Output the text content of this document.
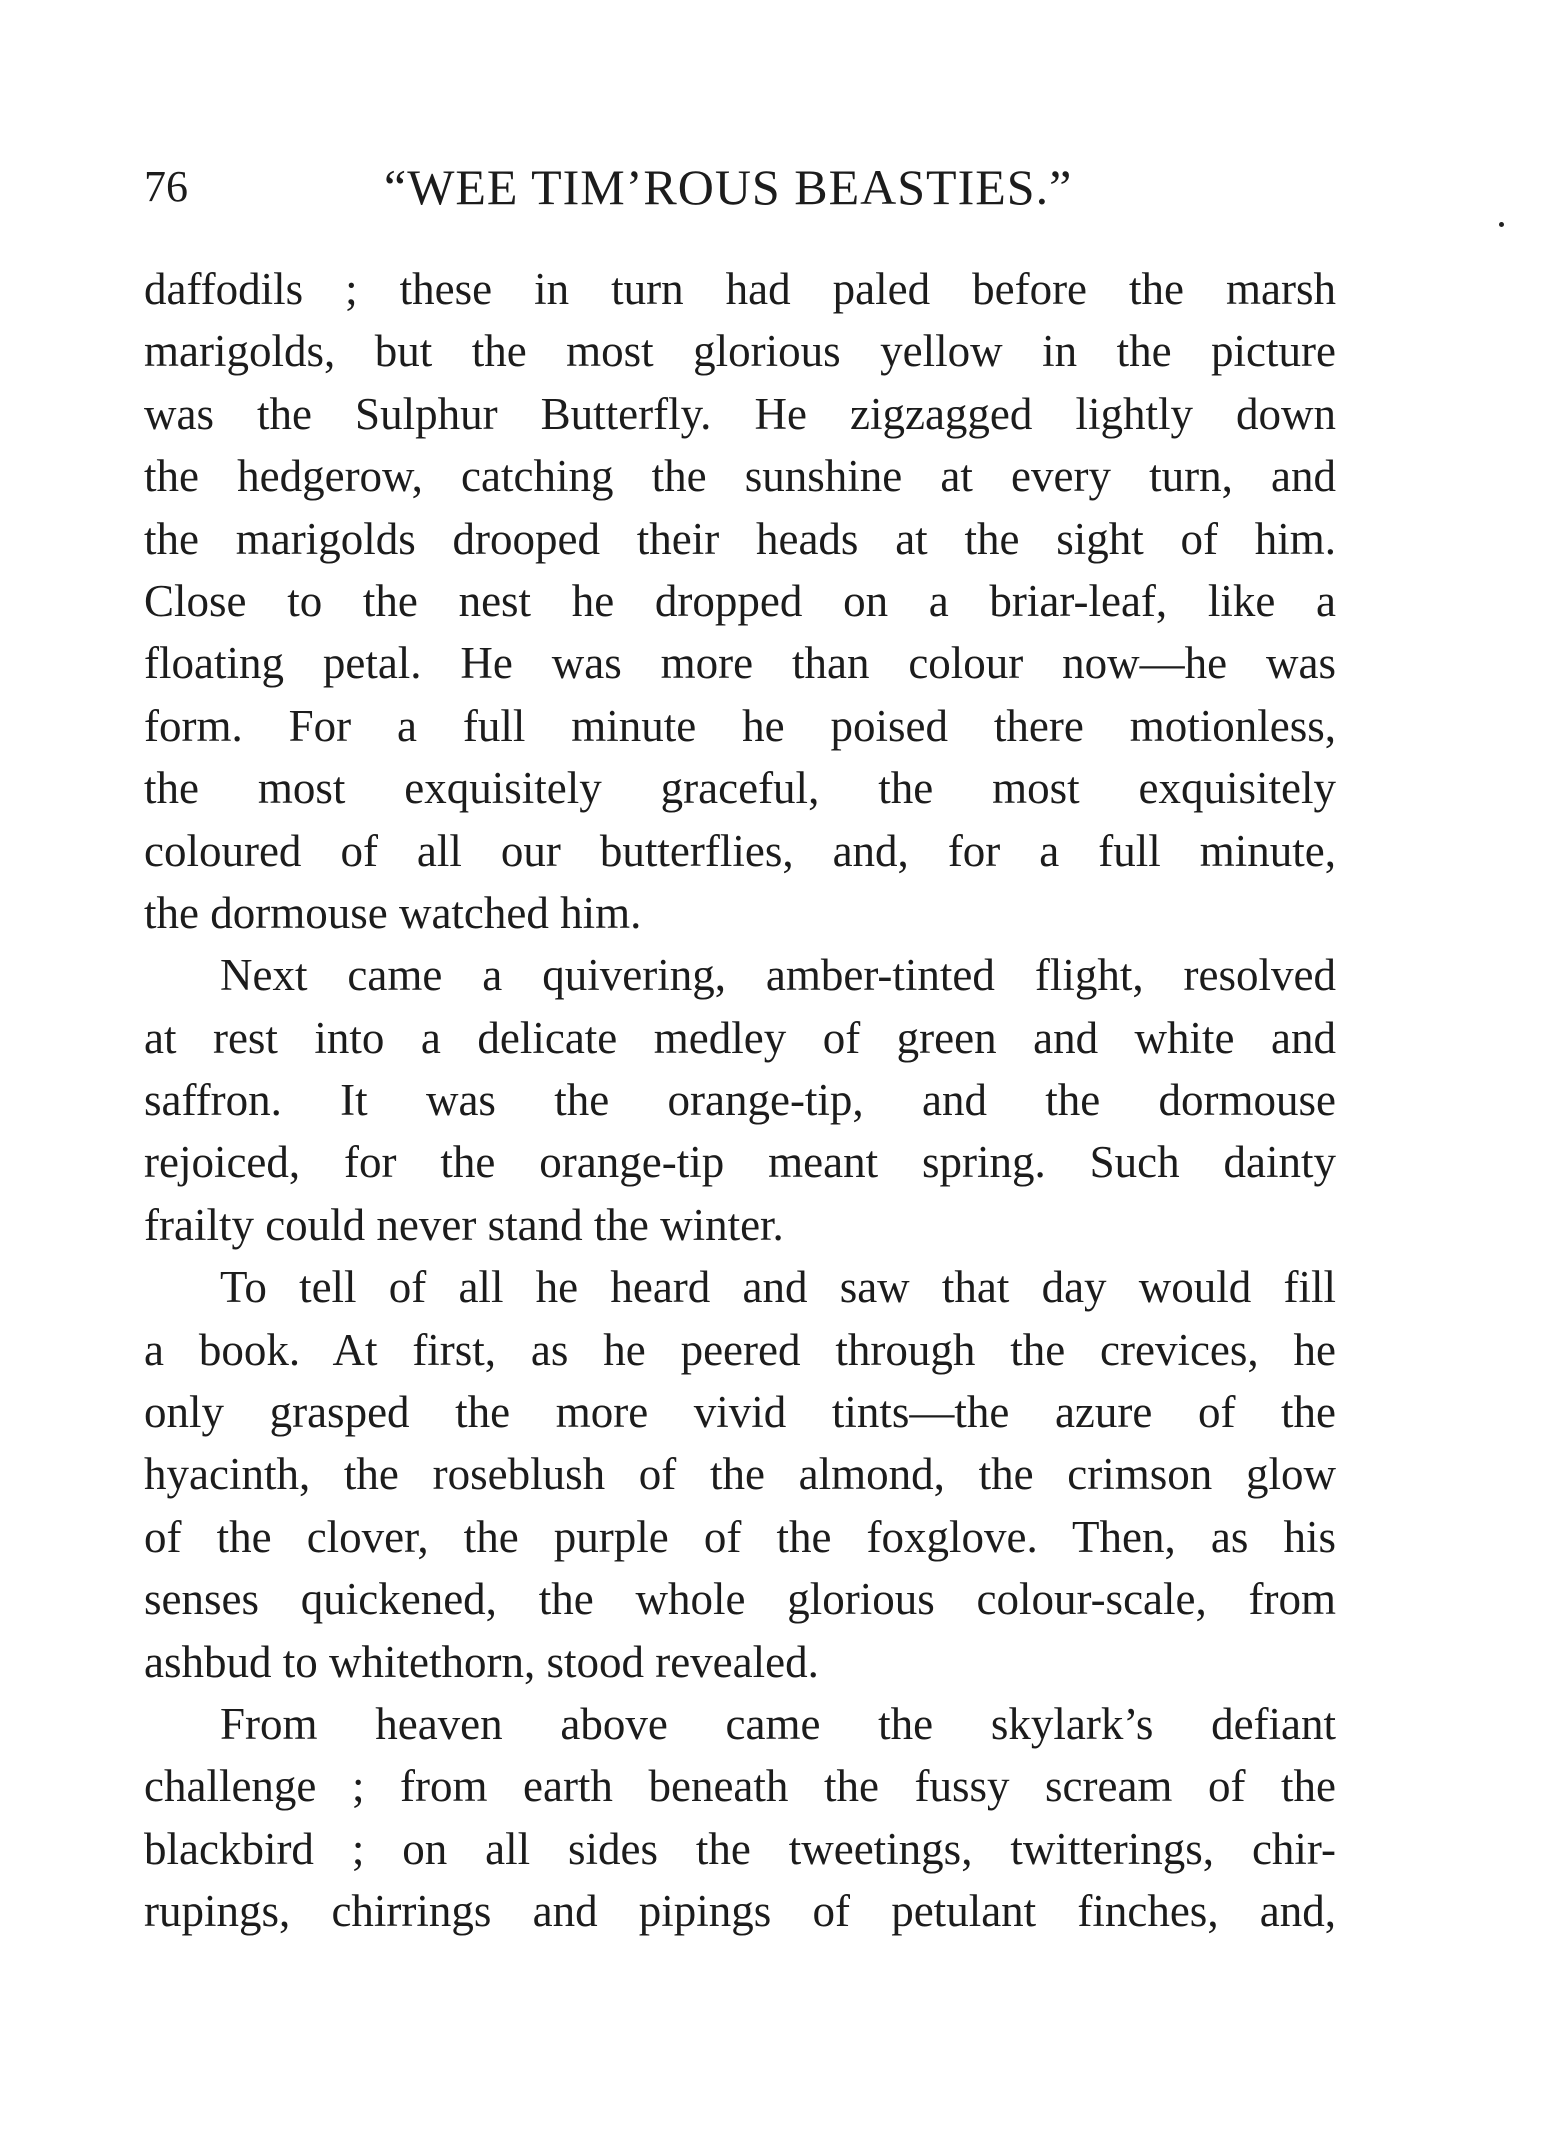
76	“WEE TIM’ROUS BEASTIES.”
daffodils ; these in turn had paled before the marsh
marigolds, but the most glorious yellow in the picture
was the Sulphur Butterfly. He zigzagged lightly down
the hedgerow, catching the sunshine at every turn, and
the marigolds drooped their heads at the sight of him.
Close to the nest he dropped on a briar-leaf, like a
floating petal. He was more than colour now—he was
form. For a full minute he poised there motionless,
the most exquisitely graceful, the most exquisitely
coloured of all our butterflies, and, for a full minute,
the dormouse watched him.
Next came a quivering, amber-tinted flight, resolved
at rest into a delicate medley of green and white and
saffron. It was the orange-tip, and the dormouse
rejoiced, for the orange-tip meant spring. Such dainty
frailty could never stand the winter.
To tell of all he heard and saw that day would fill
a book. At first, as he peered through the crevices, he
only grasped the more vivid tints—the azure of the
hyacinth, the roseblush of the almond, the crimson glow
of the clover, the purple of the foxglove. Then, as his
senses quickened, the whole glorious colour-scale, from
ashbud to whitethorn, stood revealed.
From heaven above came the skylark’s defiant
challenge ; from earth beneath the fussy scream of the
blackbird ; on all sides the tweetings, twitterings, chir-
rupings, chirrings and pipings of petulant finches, and,
